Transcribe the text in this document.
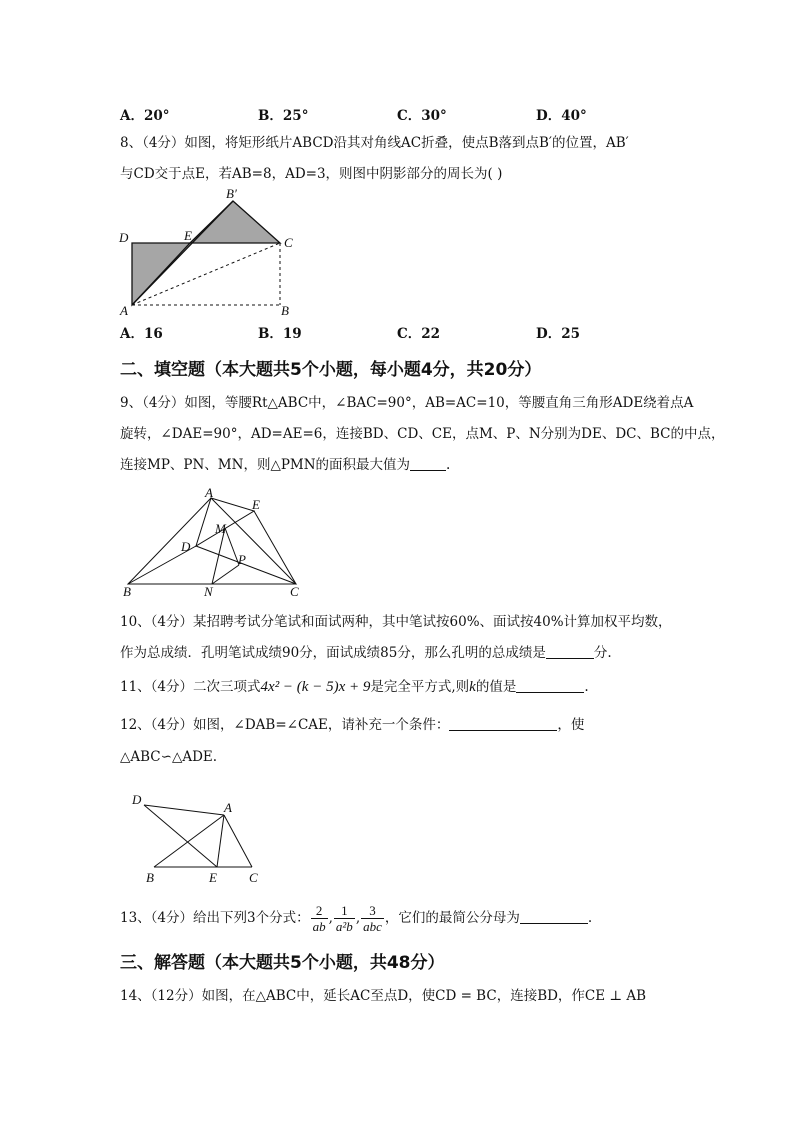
A．20°	B．25°	C．30°	D．40°
8、（4分）如图，将矩形纸片ABCD沿其对角线AC折叠，使点B落到点B′的位置，AB′
与CD交于点E，若AB=8，AD=3，则图中阴影部分的周长为( )
B′
D	E	C
A	B
A．16	B．19	C．22	D．25
二、填空题（本大题共5个小题，每小题4分，共20分）
9、（4分）如图，等腰Rt△ABC中，∠BAC=90°，AB=AC=10，等腰直角三角形ADE绕着点A
旋转，∠DAE=90°，AD=AE=6，连接BD、CD、CE，点M、P、N分别为DE、DC、BC的中点，
连接MP、PN、MN，则△PMN的面积最大值为	.
A
E
M
D
P
B	N	C
10、（4分）某招聘考试分笔试和面试两种，其中笔试按60%、面试按40%计算加权平均数，
作为总成绩．孔明笔试成绩90分，面试成绩85分，那么孔明的总成绩是	分.
11、（4分）二次三项式4x² − (k − 5)x + 9是完全平方式,则k的值是	.
12、（4分）如图，∠DAB=∠CAE，请补充一个条件：	，使
△ABC∽△ADE.
D
A
B	E C
13、（4分）给出下列3个分式： $\frac{2}{ab}$ , $\frac{1}{\text{a²b}}$ , $\frac{3}{\text{abc}}$ ，它们的最简公分母为	.
三、解答题（本大题共5个小题，共48分）
14、（12分）如图，在△ABC中，延长AC至点D，使CD = BC，连接BD，作CE ⊥ AB
